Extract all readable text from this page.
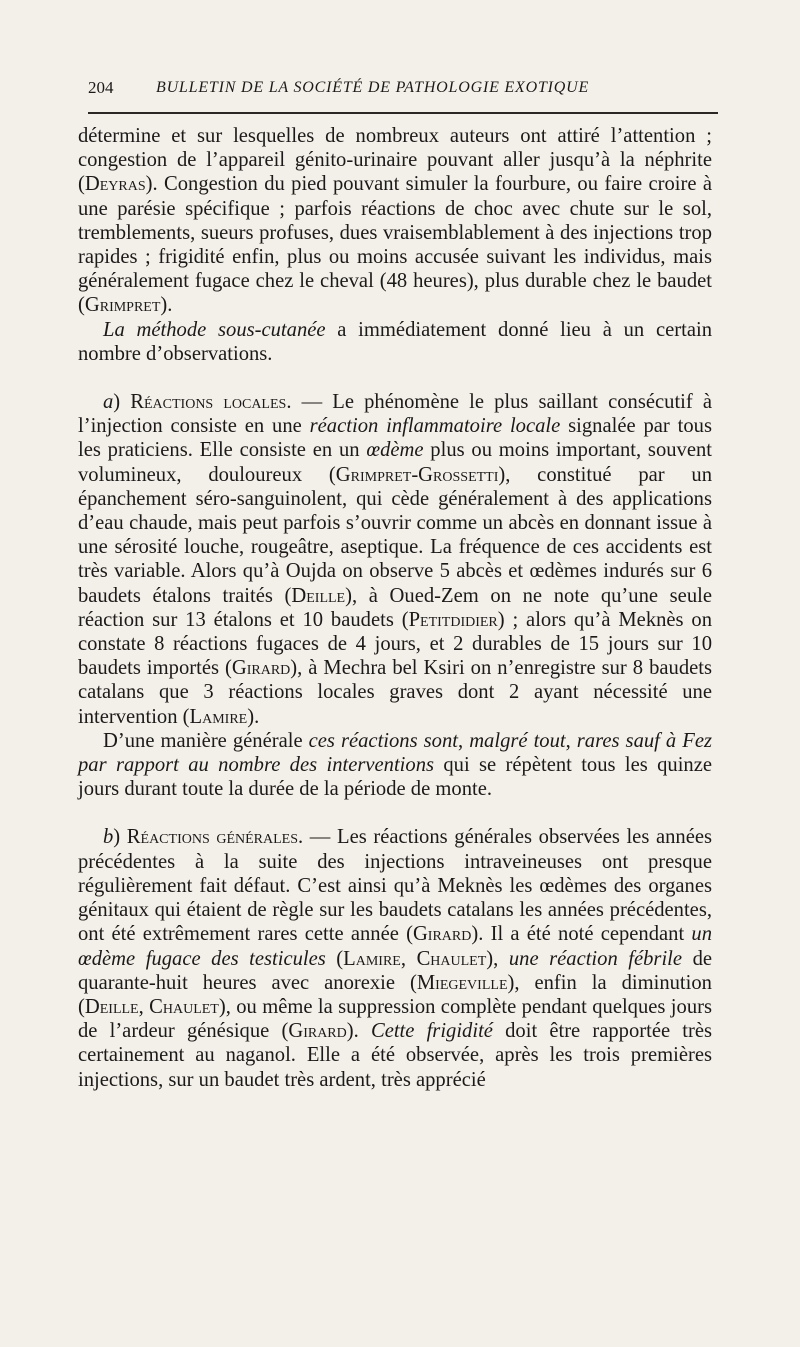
204	BULLETIN DE LA SOCIÉTÉ DE PATHOLOGIE EXOTIQUE

détermine et sur lesquelles de nombreux auteurs ont attiré l’attention ; congestion de l’appareil génito-urinaire pouvant aller jusqu’à la néphrite (Deyras). Congestion du pied pouvant simuler la fourbure, ou faire croire à une parésie spécifique ; parfois réactions de choc avec chute sur le sol, tremblements, sueurs profuses, dues vraisemblablement à des injections trop rapides ; frigidité enfin, plus ou moins accusée suivant les individus, mais généralement fugace chez le cheval (48 heures), plus durable chez le baudet (Grimpret).

La méthode sous-cutanée a immédiatement donné lieu à un certain nombre d’observations.

a) Réactions locales. — Le phénomène le plus saillant consécutif à l’injection consiste en une réaction inflammatoire locale signalée par tous les praticiens. Elle consiste en un œdème plus ou moins important, souvent volumineux, douloureux (Grimpret-Grossetti), constitué par un épanchement séro-sanguinolent, qui cède généralement à des applications d’eau chaude, mais peut parfois s’ouvrir comme un abcès en donnant issue à une sérosité louche, rougeâtre, aseptique. La fréquence de ces accidents est très variable. Alors qu’à Oujda on observe 5 abcès et œdèmes indurés sur 6 baudets étalons traités (Deille), à Oued-Zem on ne note qu’une seule réaction sur 13 étalons et 10 baudets (Petitdidier) ; alors qu’à Meknès on constate 8 réactions fugaces de 4 jours, et 2 durables de 15 jours sur 10 baudets importés (Girard), à Mechra bel Ksiri on n’enregistre sur 8 baudets catalans que 3 réactions locales graves dont 2 ayant nécessité une intervention (Lamire).

D’une manière générale ces réactions sont, malgré tout, rares sauf à Fez par rapport au nombre des interventions qui se répètent tous les quinze jours durant toute la durée de la période de monte.

b) Réactions générales. — Les réactions générales observées les années précédentes à la suite des injections intraveineuses ont presque régulièrement fait défaut. C’est ainsi qu’à Meknès les œdèmes des organes génitaux qui étaient de règle sur les baudets catalans les années précédentes, ont été extrêmement rares cette année (Girard). Il a été noté cependant un œdème fugace des testicules (Lamire, Chaulet), une réaction fébrile de quarante-huit heures avec anorexie (Miegeville), enfin la diminution (Deille, Chaulet), ou même la suppression complète pendant quelques jours de l’ardeur génésique (Girard). Cette frigidité doit être rapportée très certainement au naganol. Elle a été observée, après les trois premières injections, sur un baudet très ardent, très apprécié
